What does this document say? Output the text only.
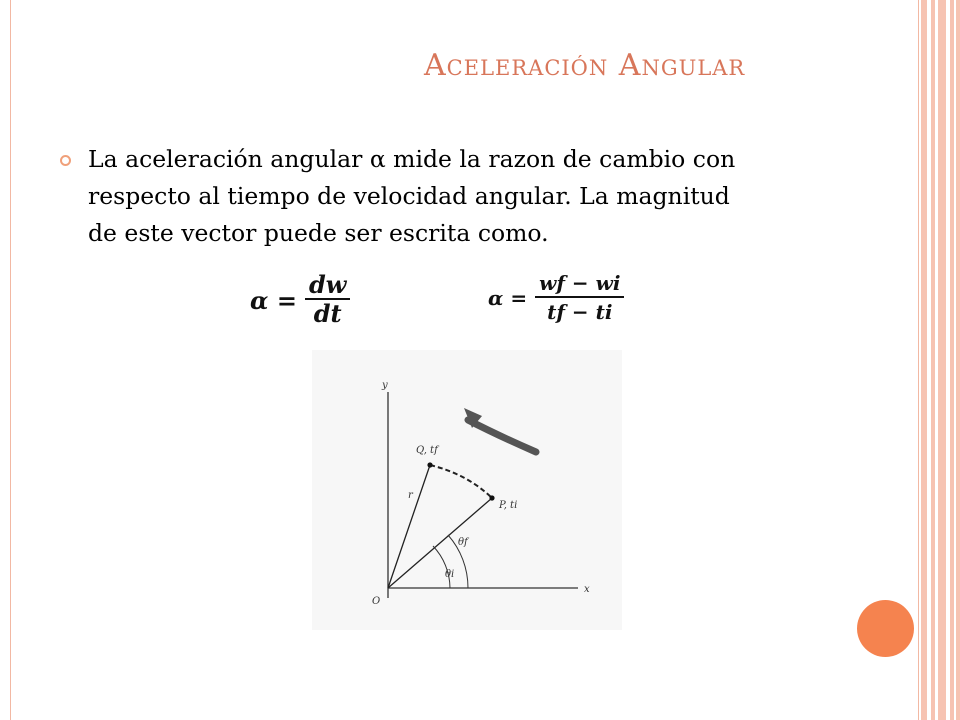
Aceleración Angular
La aceleración angular α mide la razon de cambio con
respecto al tiempo de velocidad angular. La magnitud
de este vector puede ser escrita como.
$\alpha = \frac{dw}{dt}$	$\alpha = \frac{wf - wi}{tf - ti}$
y
x
O
r
Q, tf
P, ti
θf
θi
